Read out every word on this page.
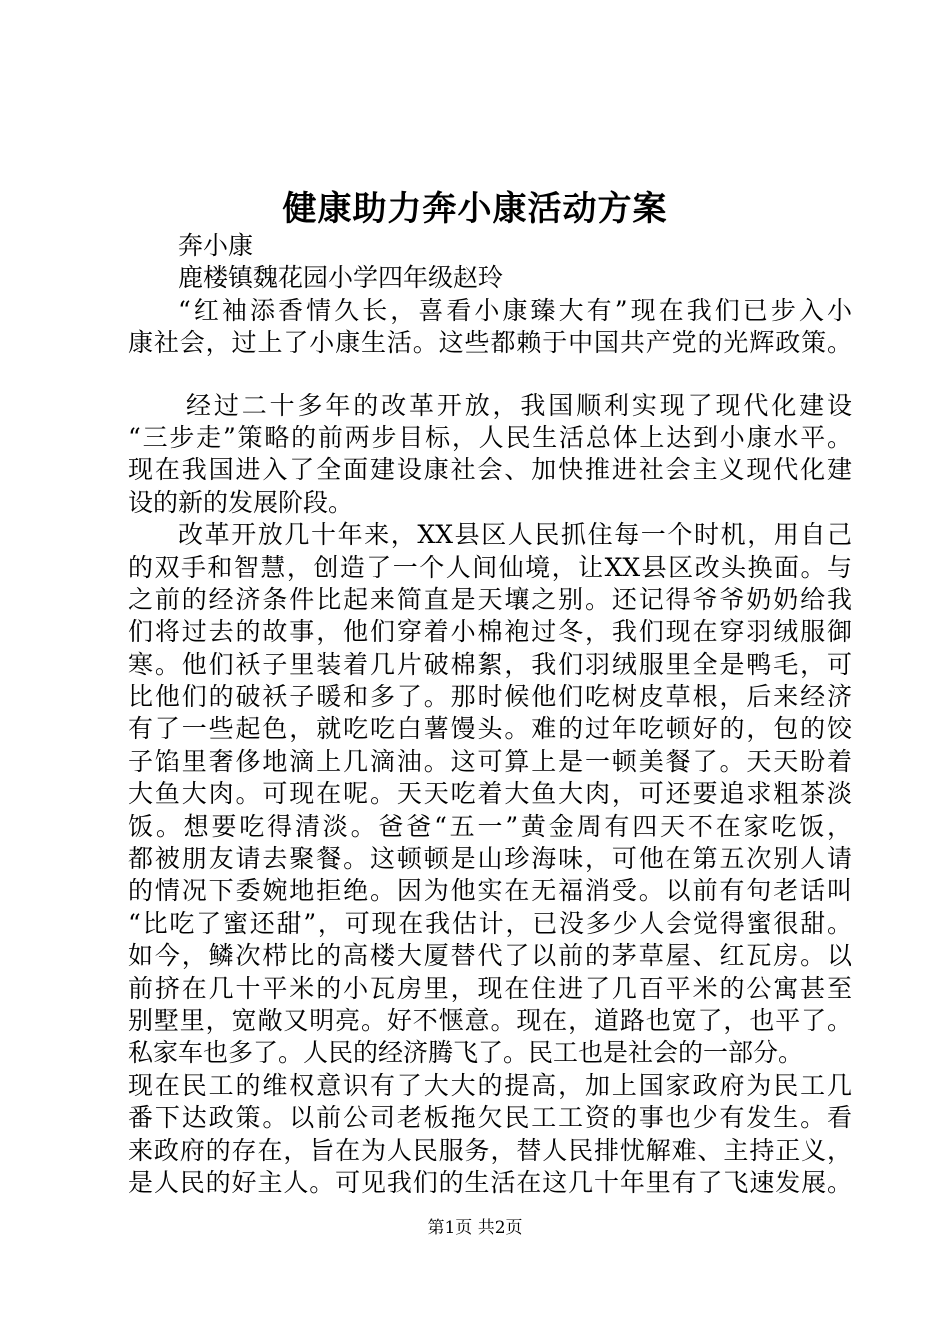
健康助力奔小康活动方案
奔小康
鹿楼镇魏花园小学四年级赵玲
“红袖添香情久长，喜看小康臻大有”现在我们已步入小
康社会，过上了小康生活。这些都赖于中国共产党的光辉政策。
经过二十多年的改革开放，我国顺利实现了现代化建设
“三步走”策略的前两步目标，人民生活总体上达到小康水平。
现在我国进入了全面建设康社会、加快推进社会主义现代化建
设的新的发展阶段。
改革开放几十年来，XX县区人民抓住每一个时机，用自己
的双手和智慧，创造了一个人间仙境，让XX县区改头换面。与
之前的经济条件比起来简直是天壤之别。还记得爷爷奶奶给我
们将过去的故事，他们穿着小棉袍过冬，我们现在穿羽绒服御
寒。他们袄子里装着几片破棉絮，我们羽绒服里全是鸭毛，可
比他们的破袄子暖和多了。那时候他们吃树皮草根，后来经济
有了一些起色，就吃吃白薯馒头。难的过年吃顿好的，包的饺
子馅里奢侈地滴上几滴油。这可算上是一顿美餐了。天天盼着
大鱼大肉。可现在呢。天天吃着大鱼大肉，可还要追求粗茶淡
饭。想要吃得清淡。爸爸“五一”黄金周有四天不在家吃饭，
都被朋友请去聚餐。这顿顿是山珍海味，可他在第五次别人请
的情况下委婉地拒绝。因为他实在无福消受。以前有句老话叫
“比吃了蜜还甜”，可现在我估计，已没多少人会觉得蜜很甜。
如今，鳞次栉比的高楼大厦替代了以前的茅草屋、红瓦房。以
前挤在几十平米的小瓦房里，现在住进了几百平米的公寓甚至
别墅里，宽敞又明亮。好不惬意。现在，道路也宽了，也平了。
私家车也多了。人民的经济腾飞了。民工也是社会的一部分。
现在民工的维权意识有了大大的提高，加上国家政府为民工几
番下达政策。以前公司老板拖欠民工工资的事也少有发生。看
来政府的存在，旨在为人民服务，替人民排忧解难、主持正义，
是人民的好主人。可见我们的生活在这几十年里有了飞速发展。
第1页 共2页
